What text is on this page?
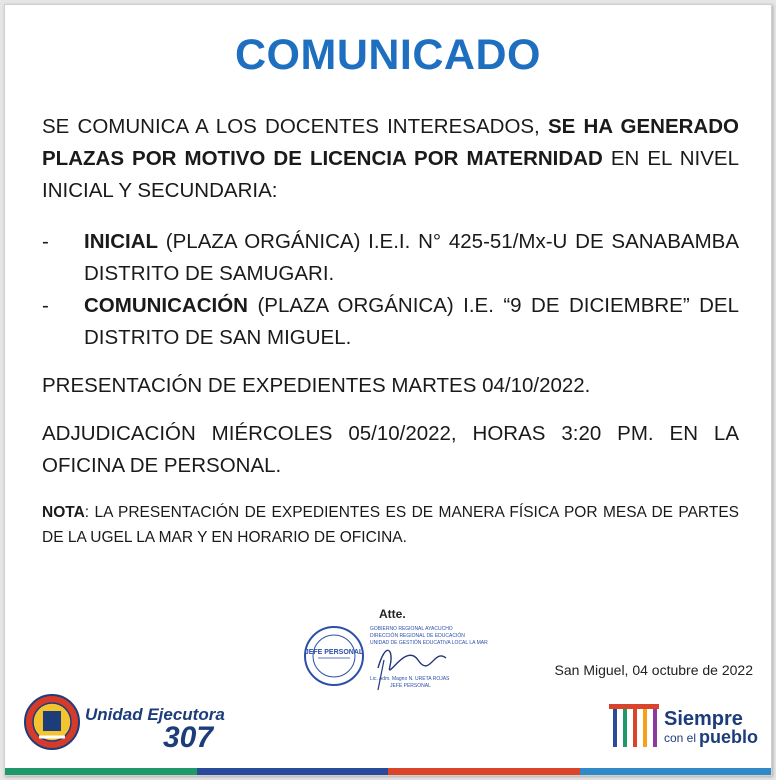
COMUNICADO
SE COMUNICA A LOS DOCENTES INTERESADOS, SE HA GENERADO PLAZAS POR MOTIVO DE LICENCIA POR MATERNIDAD EN EL NIVEL INICIAL Y SECUNDARIA:
- INICIAL (PLAZA ORGÁNICA) I.E.I. N° 425-51/Mx-U DE SANABAMBA DISTRITO DE SAMUGARI.
- COMUNICACIÓN (PLAZA ORGÁNICA) I.E. “9 DE DICIEMBRE” DEL DISTRITO DE SAN MIGUEL.
PRESENTACIÓN DE EXPEDIENTES MARTES 04/10/2022.
ADJUDICACIÓN MIÉRCOLES 05/10/2022, HORAS 3:20 PM. EN LA OFICINA DE PERSONAL.
NOTA: LA PRESENTACIÓN DE EXPEDIENTES ES DE MANERA FÍSICA POR MESA DE PARTES DE LA UGEL LA MAR Y EN HORARIO DE OFICINA.
Atte.
JEFE PERSONAL
GOBIERNO REGIONAL AYACUCHO
DIRECCIÓN REGIONAL DE EDUCACIÓN
UNIDAD DE GESTIÓN EDUCATIVA LOCAL LA MAR
Lic. Adm. Magno N. URETA ROJAS
JEFE PERSONAL
San Miguel, 04 octubre de 2022
Unidad Ejecutora
307
Siempre
con el pueblo
